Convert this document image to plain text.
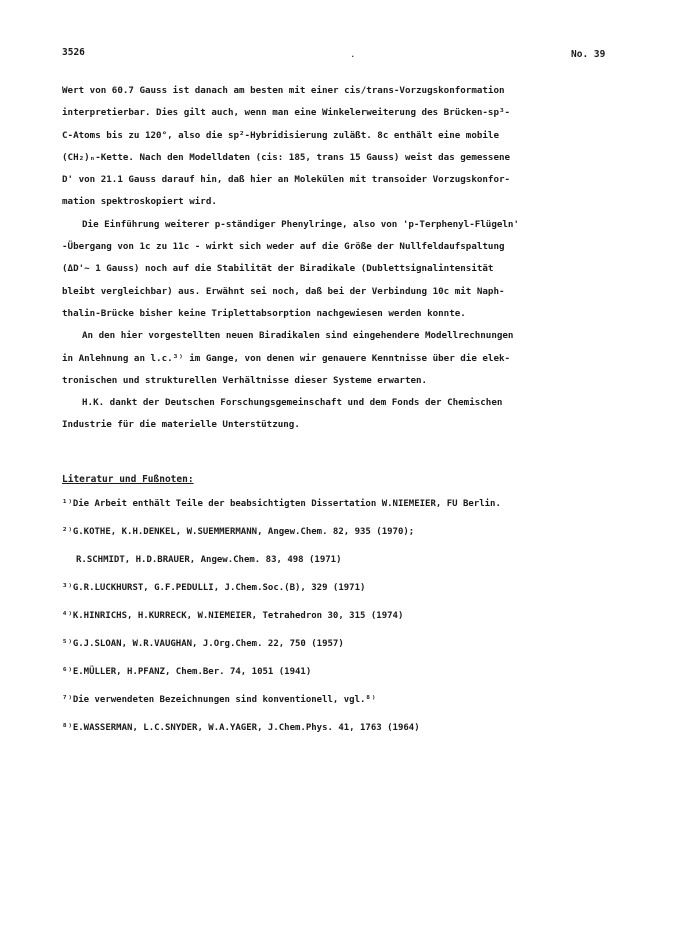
3526	.	No. 39
Wert von 60.7 Gauss ist danach am besten mit einer cis/trans-Vorzugskonformation
interpretierbar. Dies gilt auch, wenn man eine Winkelerweiterung des Brücken-sp³-
C-Atoms bis zu 120°, also die sp²-Hybridisierung zuläßt. 8c enthält eine mobile
(CH₂)ₙ-Kette. Nach den Modelldaten (cis: 185, trans 15 Gauss) weist das gemessene
D' von 21.1 Gauss darauf hin, daß hier an Molekülen mit transoider Vorzugskonfor-
mation spektroskopiert wird.
Die Einführung weiterer p-ständiger Phenylringe, also von 'p-Terphenyl-Flügeln'
-Übergang von 1c zu 11c - wirkt sich weder auf die Größe der Nullfeldaufspaltung
(ΔD'~ 1 Gauss) noch auf die Stabilität der Biradikale (Dublettsignalintensität
bleibt vergleichbar) aus. Erwähnt sei noch, daß bei der Verbindung 10c mit Naph-
thalin-Brücke bisher keine Triplettabsorption nachgewiesen werden konnte.
An den hier vorgestellten neuen Biradikalen sind eingehendere Modellrechnungen
in Anlehnung an l.c.³⁾ im Gange, von denen wir genauere Kenntnisse über die elek-
tronischen und strukturellen Verhältnisse dieser Systeme erwarten.
H.K. dankt der Deutschen Forschungsgemeinschaft und dem Fonds der Chemischen
Industrie für die materielle Unterstützung.
Literatur und Fußnoten:
¹⁾Die Arbeit enthält Teile der beabsichtigten Dissertation W.NIEMEIER, FU Berlin.
²⁾G.KOTHE, K.H.DENKEL, W.SUEMMERMANN, Angew.Chem. 82, 935 (1970);
R.SCHMIDT, H.D.BRAUER, Angew.Chem. 83, 498 (1971)
³⁾G.R.LUCKHURST, G.F.PEDULLI, J.Chem.Soc.(B), 329 (1971)
⁴⁾K.HINRICHS, H.KURRECK, W.NIEMEIER, Tetrahedron 30, 315 (1974)
⁵⁾G.J.SLOAN, W.R.VAUGHAN, J.Org.Chem. 22, 750 (1957)
⁶⁾E.MÜLLER, H.PFANZ, Chem.Ber. 74, 1051 (1941)
⁷⁾Die verwendeten Bezeichnungen sind konventionell, vgl.⁸⁾
⁸⁾E.WASSERMAN, L.C.SNYDER, W.A.YAGER, J.Chem.Phys. 41, 1763 (1964)
